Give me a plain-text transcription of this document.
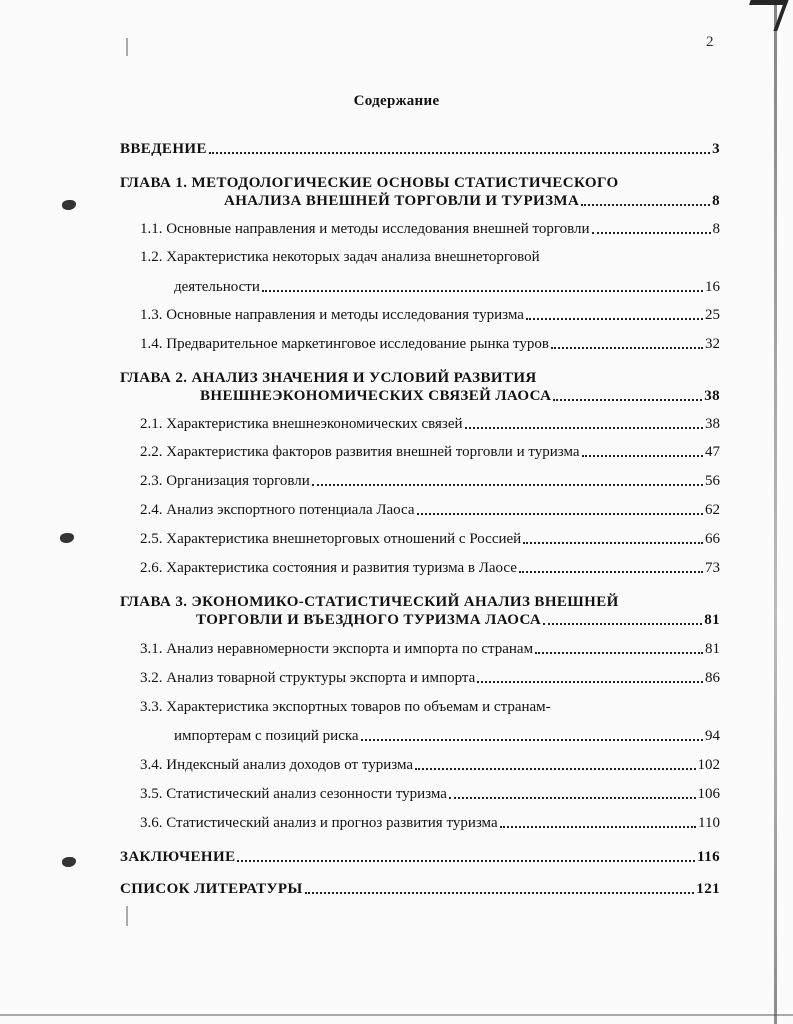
2
Содержание
ВВЕДЕНИЕ	3
ГЛАВА 1. МЕТОДОЛОГИЧЕСКИЕ ОСНОВЫ СТАТИСТИЧЕСКОГО
АНАЛИЗА ВНЕШНЕЙ ТОРГОВЛИ И ТУРИЗМА	8
1.1. Основные направления и методы исследования внешней торговли	8
1.2. Характеристика некоторых задач анализа внешнеторговой
деятельности	16
1.3. Основные направления и методы исследования туризма	25
1.4. Предварительное маркетинговое исследование рынка туров	32
ГЛАВА 2. АНАЛИЗ ЗНАЧЕНИЯ И УСЛОВИЙ РАЗВИТИЯ
ВНЕШНЕЭКОНОМИЧЕСКИХ СВЯЗЕЙ ЛАОСА	38
2.1. Характеристика внешнеэкономических связей	38
2.2. Характеристика факторов развития внешней торговли и туризма	47
2.3. Организация торговли	56
2.4. Анализ экспортного потенциала Лаоса	62
2.5. Характеристика внешнеторговых отношений с Россией	66
2.6. Характеристика состояния и развития туризма в Лаосе	73
ГЛАВА 3. ЭКОНОМИКО-СТАТИСТИЧЕСКИЙ АНАЛИЗ ВНЕШНЕЙ
ТОРГОВЛИ И ВЪЕЗДНОГО ТУРИЗМА ЛАОСА	81
3.1. Анализ неравномерности экспорта и импорта по странам	81
3.2. Анализ товарной структуры экспорта и импорта	86
3.3. Характеристика экспортных товаров по объемам и странам-
импортерам с позиций риска	94
3.4. Индексный анализ доходов от туризма	102
3.5. Статистический анализ сезонности туризма	106
3.6. Статистический анализ и прогноз развития туризма	110
ЗАКЛЮЧЕНИЕ	116
СПИСОК ЛИТЕРАТУРЫ	121
